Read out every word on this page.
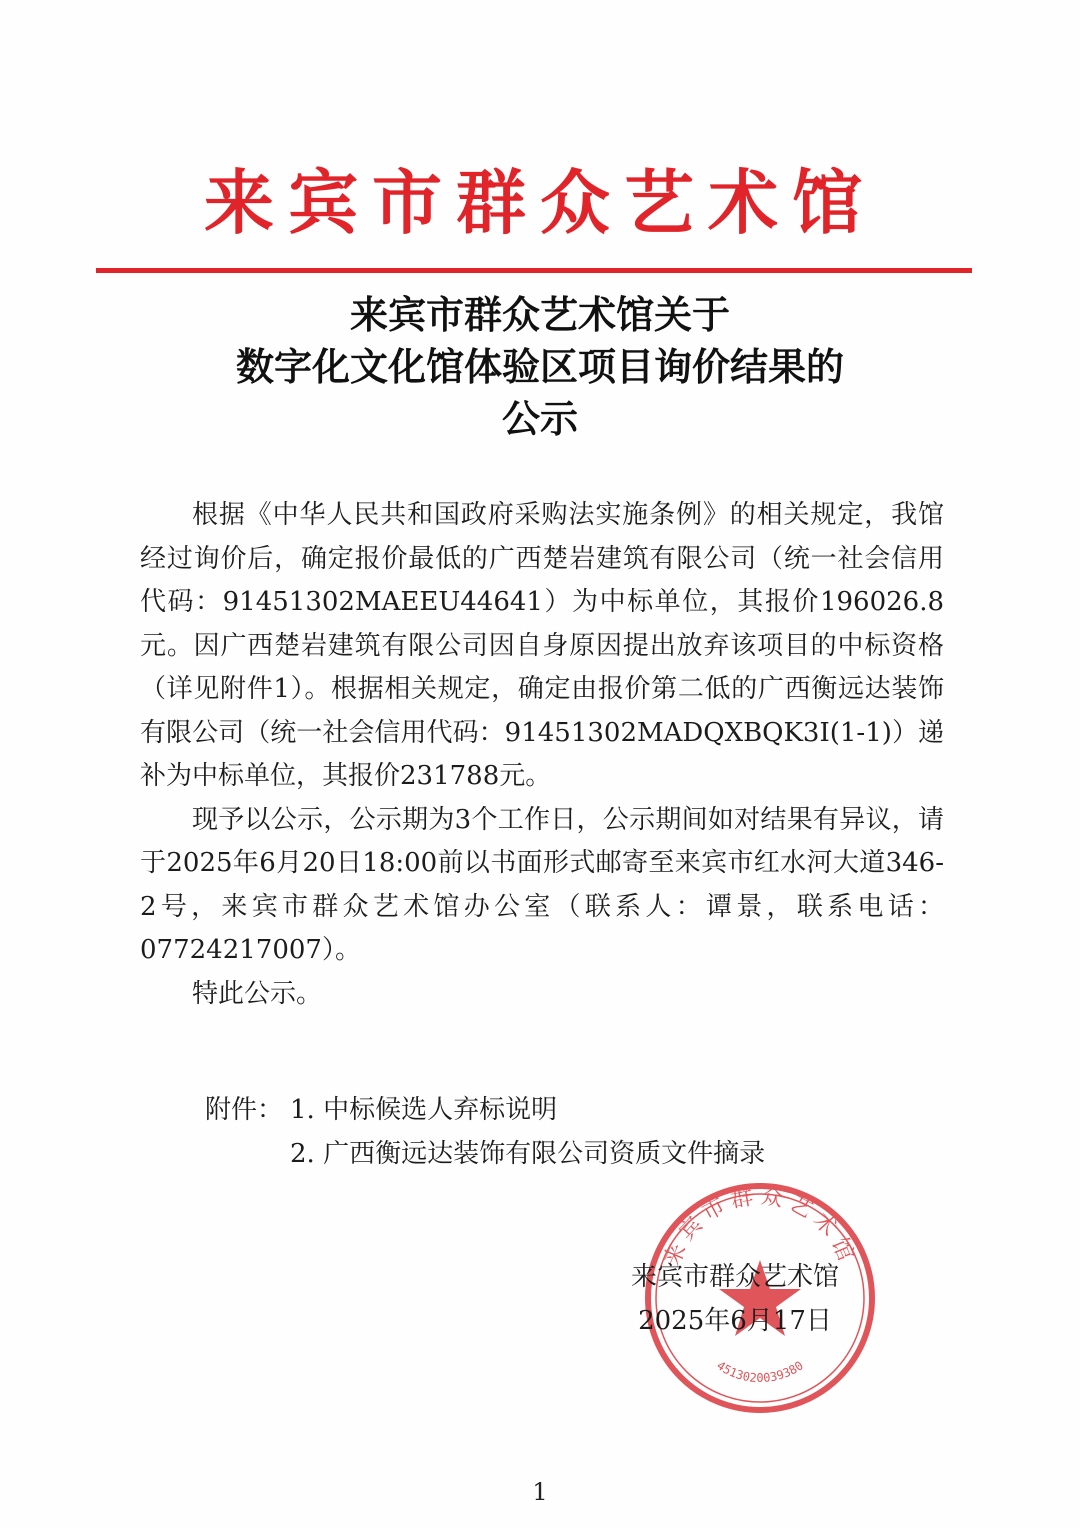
来宾市群众艺术馆
来宾市群众艺术馆关于
数字化文化馆体验区项目询价结果的
公示

根据《中华人民共和国政府采购法实施条例》的相关规定，我馆经过询价后，确定报价最低的广西楚岩建筑有限公司（统一社会信用代码：91451302MAEEU44641）为中标单位，其报价196026.8元。因广西楚岩建筑有限公司因自身原因提出放弃该项目的中标资格（详见附件1）。根据相关规定，确定由报价第二低的广西衡远达装饰有限公司（统一社会信用代码：91451302MADQXBQK3I(1-1)）递补为中标单位，其报价231788元。

现予以公示，公示期为3个工作日，公示期间如对结果有异议，请于2025年6月20日18:00前以书面形式邮寄至来宾市红水河大道346-2号，来宾市群众艺术馆办公室（联系人：谭景，联系电话：07724217007）。

特此公示。

附件： 1. 中标候选人弃标说明
2. 广西衡远达装饰有限公司资质文件摘录
来宾市群众艺术馆
4513020039380
来宾市群众艺术馆
2025年6月17日
1
